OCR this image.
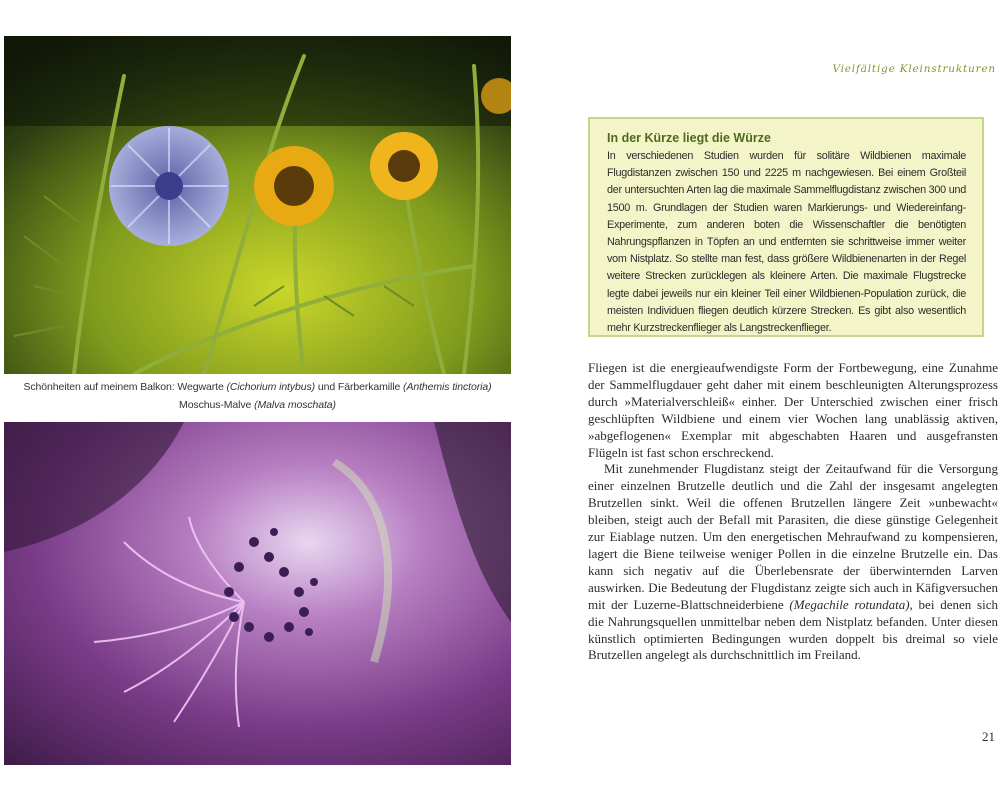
Schönheiten auf meinem Balkon: Wegwarte (Cichorium intybus) und Färberkamille (Anthemis tinctoria)
Moschus-Malve (Malva moschata)
Vielfältige Kleinstrukturen
In der Kürze liegt die Würze

In verschiedenen Studien wurden für solitäre Wildbienen maximale Flugdistanzen zwischen 150 und 2225 m nachgewiesen. Bei einem Großteil der untersuchten Arten lag die maximale Sammelflugdistanz zwischen 300 und 1500 m. Grundlagen der Studien waren Markierungs- und Wiedereinfang-Experimente, zum anderen boten die Wissenschaftler die benötigten Nahrungspflanzen in Töpfen an und entfernten sie schrittweise immer weiter vom Nistplatz. So stellte man fest, dass größere Wildbienenarten in der Regel weitere Strecken zurücklegen als kleinere Arten. Die maximale Flugstrecke legte dabei jeweils nur ein kleiner Teil einer Wildbienen-Population zurück, die meisten Individuen fliegen deutlich kürzere Strecken. Es gibt also wesentlich mehr Kurzstreckenflieger als Langstreckenflieger.

Fliegen ist die energieaufwendigste Form der Fortbewegung, eine Zunahme der Sammelflugdauer geht daher mit einem beschleunigten Alterungsprozess durch »Materialverschleiß« einher. Der Unterschied zwischen einer frisch geschlüpften Wildbiene und einem vier Wochen lang unablässig aktiven, »abgeflogenen« Exemplar mit abgeschabten Haaren und ausgefransten Flügeln ist fast schon erschreckend.

Mit zunehmender Flugdistanz steigt der Zeitaufwand für die Versorgung einer einzelnen Brutzelle deutlich und die Zahl der insgesamt angelegten Brutzellen sinkt. Weil die offenen Brutzellen längere Zeit »unbewacht« bleiben, steigt auch der Befall mit Parasiten, die diese günstige Gelegenheit zur Eiablage nutzen. Um den energetischen Mehraufwand zu kompensieren, lagert die Biene teilweise weniger Pollen in die einzelne Brutzelle ein. Das kann sich negativ auf die Überlebensrate der überwinternden Larven auswirken. Die Bedeutung der Flugdistanz zeigte sich auch in Käfigversuchen mit der Luzerne-Blattschneiderbiene (Megachile rotundata), bei denen sich die Nahrungsquellen unmittelbar neben dem Nistplatz befanden. Unter diesen künstlich optimierten Bedingungen wurden doppelt bis dreimal so viele Brutzellen angelegt als durchschnittlich im Freiland.

21
